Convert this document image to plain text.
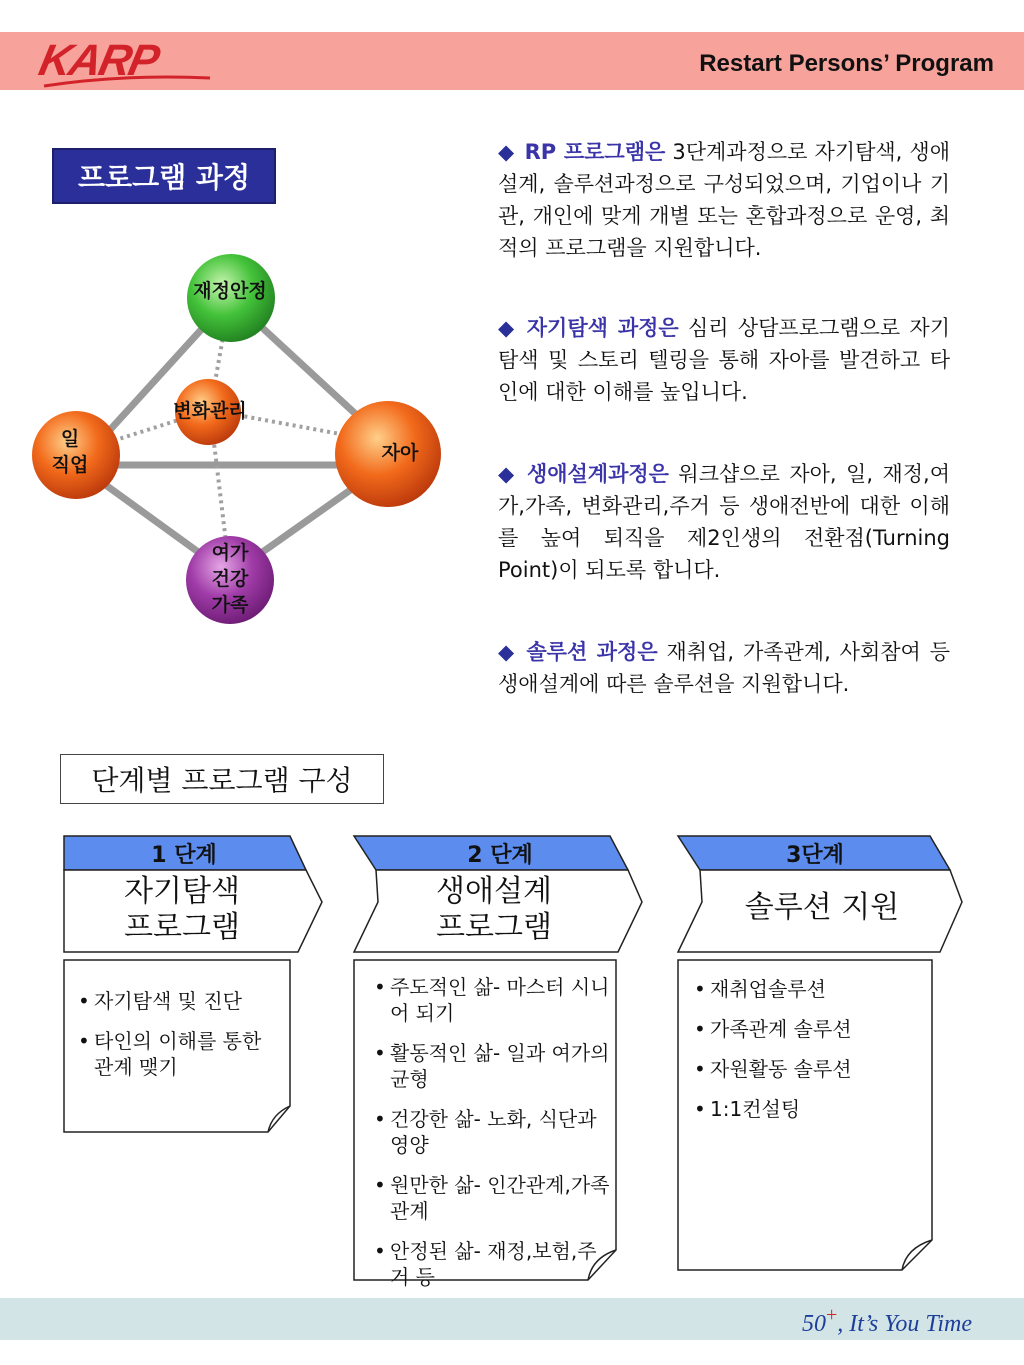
KARP	Restart Persons’ Program
프로그램 과정
재정안정
변화관리
일
직업
자아
여가
건강
가족
◆ RP 프로그램은 3단계과정으로 자기탐색, 생애설계, 솔루션과정으로 구성되었으며, 기업이나 기관, 개인에 맞게 개별 또는 혼합과정으로 운영, 최적의 프로그램을 지원합니다.
◆ 자기탐색 과정은 심리 상담프로그램으로 자기탐색 및 스토리 텔링을 통해 자아를 발견하고 타인에 대한 이해를 높입니다.
◆ 생애설계과정은 워크샵으로 자아, 일, 재정,여가,가족, 변화관리,주거 등 생애전반에 대한 이해를 높여 퇴직을 제2인생의 전환점(Turning Point)이 되도록 합니다.
◆ 솔루션 과정은 재취업, 가족관계, 사회참여 등 생애설계에 따른 솔루션을 지원합니다.
단계별 프로그램 구성
1 단계
자기탐색
프로그램
2 단계
생애설계
프로그램
3단계
솔루션 지원
• 자기탐색 및 진단
• 타인의 이해를 통한 관계 맺기
• 주도적인 삶- 마스터 시니어 되기
• 활동적인 삶- 일과 여가의 균형
• 건강한 삶- 노화, 식단과 영양
• 원만한 삶- 인간관계,가족관계
• 안정된 삶- 재정,보험,주거 등
• 재취업솔루션
• 가족관계 솔루션
• 자원활동 솔루션
• 1:1컨설팅
50+, It’s You Time
